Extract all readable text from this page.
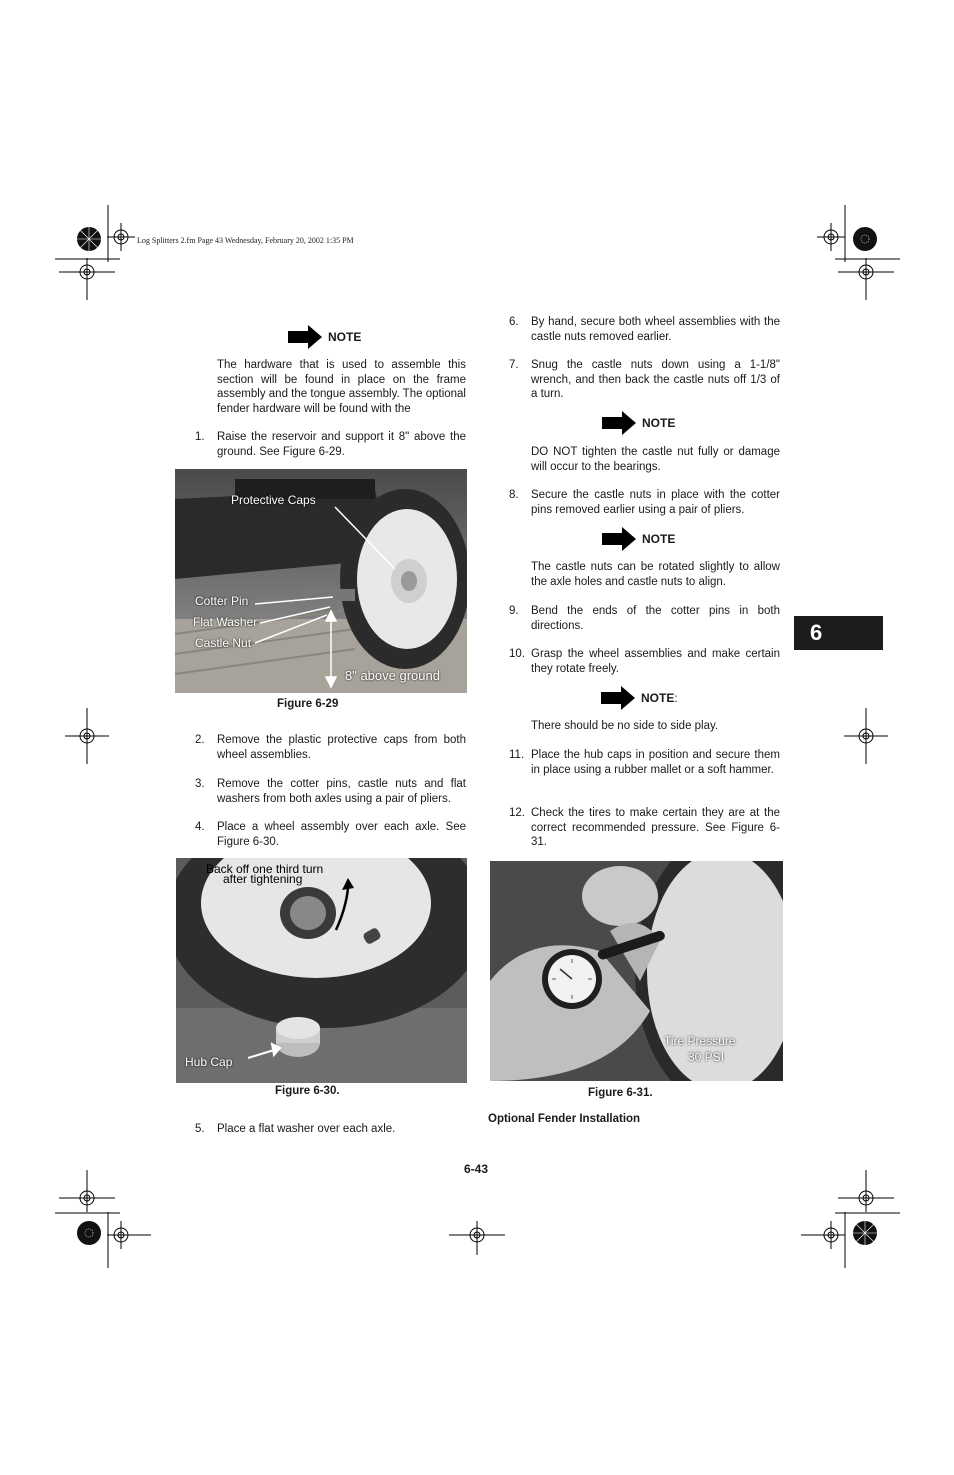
Log Splitters 2.fm Page 43 Wednesday, February 20, 2002 1:35 PM
NOTE
The hardware that is used to assemble this section will be found in place on the frame assembly and the tongue assembly. The optional fender hardware will be found with the
1. Raise the reservoir and support it 8" above the ground. See Figure 6-29.
Protective Caps
Cotter Pin
Flat Washer
Castle Nut
8" above ground
Figure 6-29
2. Remove the plastic protective caps from both wheel assemblies.
3. Remove the cotter pins, castle nuts and flat washers from both axles using a pair of pliers.
4. Place a wheel assembly over each axle. See Figure 6-30.
Back off one third turn
after tightening
Hub Cap
Figure 6-30.
5. Place a flat washer over each axle.
6. By hand, secure both wheel assemblies with the castle nuts removed earlier.
7. Snug the castle nuts down using a 1-1/8" wrench, and then back the castle nuts off 1/3 of a turn.
NOTE
DO NOT tighten the castle nut fully or damage will occur to the bearings.
8. Secure the castle nuts in place with the cotter pins removed earlier using a pair of pliers.
NOTE
The castle nuts can be rotated slightly to allow the axle holes and castle nuts to align.
9. Bend the ends of the cotter pins in both directions.
10. Grasp the wheel assemblies and make certain they rotate freely.
NOTE:
There should be no side to side play.
11. Place the hub caps in position and secure them in place using a rubber mallet or a soft hammer.
12. Check the tires to make certain they are at the correct recommended pressure. See Figure 6-31.
Tire Pressure
30 PSI
Figure 6-31.
Optional Fender Installation
6
6-43
